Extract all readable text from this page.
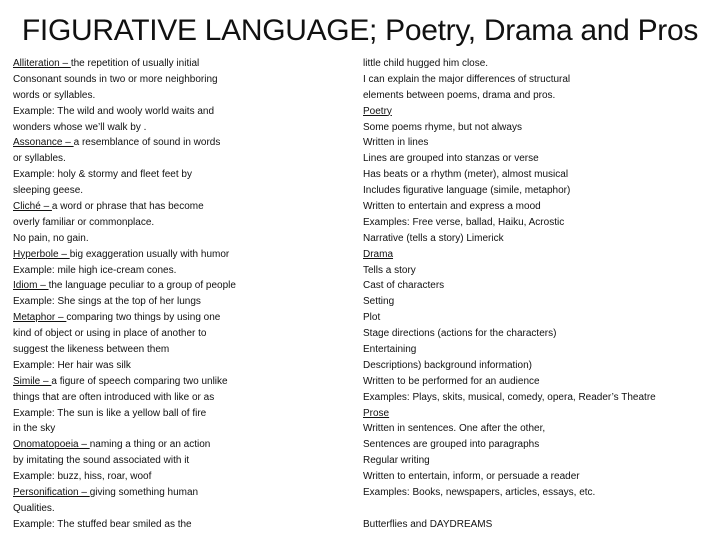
FIGURATIVE LANGUAGE; Poetry, Drama and Pros
Alliteration – the repetition of usually initial
Consonant sounds in two or more neighboring
words or syllables.
Example: The wild and wooly world waits and
wonders whose we’ll walk by .
Assonance – a resemblance of sound in words
or syllables.
Example: holy & stormy and fleet feet by
sleeping geese.
Cliché – a word or phrase that has become
overly familiar or commonplace.
No pain, no gain.
Hyperbole – big exaggeration usually with humor
Example: mile high ice-cream cones.
Idiom – the language peculiar to a group of people
Example: She sings at the top of her lungs
Metaphor – comparing two things by using one
kind of object or using in place of another to
suggest the likeness between them
Example: Her hair was silk
Simile – a figure of speech comparing two unlike
things that are often introduced with like or as
Example: The sun is like a yellow ball of fire
in the sky
Onomatopoeia – naming a thing or an action
by imitating the sound associated with it
Example: buzz, hiss, roar, woof
Personification – giving something human
Qualities.
Example: The stuffed bear smiled as the
little child hugged him close.
I can explain the major differences of structural
elements between poems, drama and pros.
Poetry
Some poems rhyme, but not always
Written in lines
Lines are grouped into stanzas or verse
Has beats or a rhythm (meter), almost musical
Includes figurative language (simile, metaphor)
Written to entertain and express a mood
Examples: Free verse, ballad, Haiku, Acrostic
Narrative (tells a story) Limerick
Drama
Tells a story
Cast of characters
Setting
Plot
Stage directions (actions for the characters)
Entertaining
Descriptions) background information)
Written to be performed for an audience
Examples: Plays, skits, musical, comedy, opera, Reader’s Theatre
Prose
Written in sentences. One after the other,
Sentences are grouped into paragraphs
Regular writing
Written to entertain, inform, or persuade a reader
Examples: Books, newspapers, articles, essays, etc.
Butterflies and DAYDREAMS
